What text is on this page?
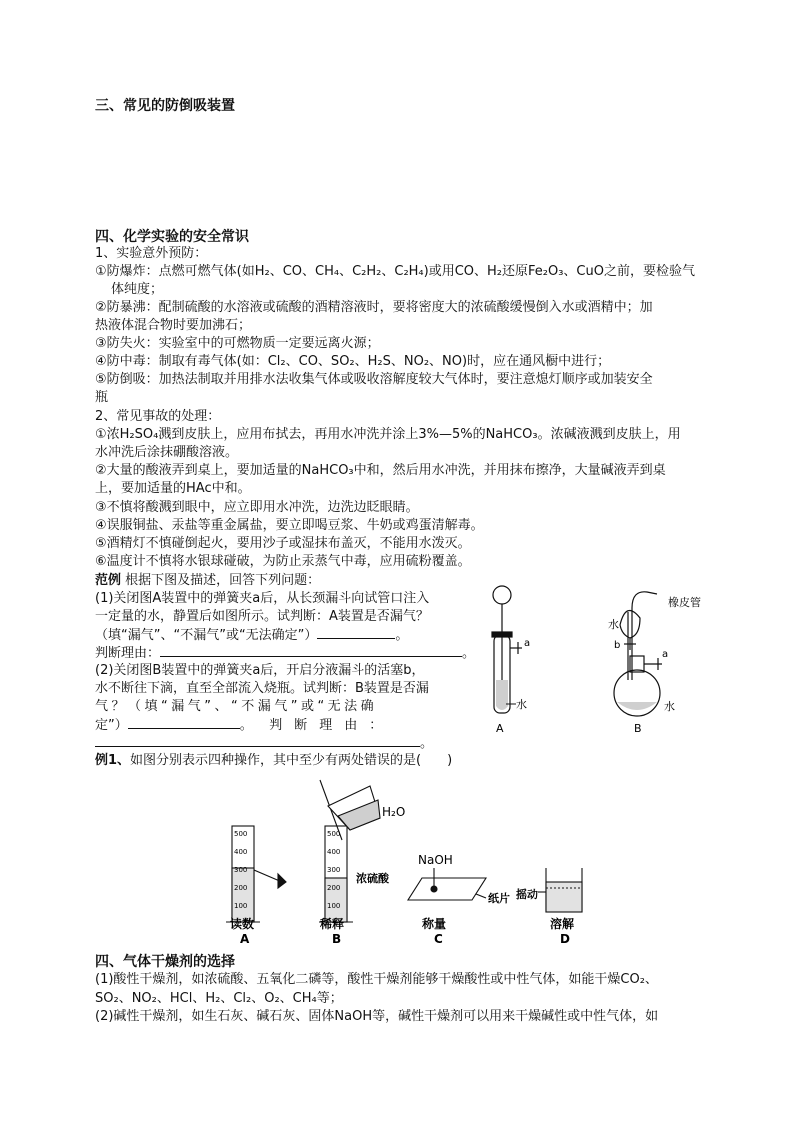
三、常见的防倒吸装置
四、化学实验的安全常识
1、实验意外预防：
①防爆炸：点燃可燃气体(如H₂、CO、CH₄、C₂H₂、C₂H₄)或用CO、H₂还原Fe₂O₃、CuO之前，要检验气
体纯度；
②防暴沸：配制硫酸的水溶液或硫酸的酒精溶液时，要将密度大的浓硫酸缓慢倒入水或酒精中；加
热液体混合物时要加沸石；
③防失火：实验室中的可燃物质一定要远离火源；
④防中毒：制取有毒气体(如：Cl₂、CO、SO₂、H₂S、NO₂、NO)时，应在通风橱中进行；
⑤防倒吸：加热法制取并用排水法收集气体或吸收溶解度较大气体时，要注意熄灯顺序或加装安全
瓶
2、常见事故的处理：
①浓H₂SO₄溅到皮肤上，应用布拭去，再用水冲洗并涂上3%—5%的NaHCO₃。浓碱液溅到皮肤上，用
水冲洗后涂抹硼酸溶液。
②大量的酸液弄到桌上，要加适量的NaHCO₃中和，然后用水冲洗，并用抹布擦净，大量碱液弄到桌
上，要加适量的HAc中和。
③不慎将酸溅到眼中，应立即用水冲洗，边洗边眨眼睛。
④误服铜盐、汞盐等重金属盐，要立即喝豆浆、牛奶或鸡蛋清解毒。
⑤酒精灯不慎碰倒起火，要用沙子或湿抹布盖灭，不能用水泼灭。
⑥温度计不慎将水银球碰破，为防止汞蒸气中毒，应用硫粉覆盖。
范例 根据下图及描述，回答下列问题：
(1)关闭图A装置中的弹簧夹a后，从长颈漏斗向试管口注入
一定量的水，静置后如图所示。试判断：A装置是否漏气？
（填“漏气”、“不漏气”或“无法确定”）	。
判断理由：	。
(2)关闭图B装置中的弹簧夹a后，开启分液漏斗的活塞b，
水不断往下滴，直至全部流入烧瓶。试判断：B装置是否漏
气？（填“漏气”、“不漏气”或“无法确
定”）	。    判断理由：
。
a
水
A
a
b
水
水
橡皮管
B
例1、如图分别表示四种操作，其中至少有两处错误的是(　　)
500
400
300
200
100
读数
A
H₂O
500
400
300
200
100
浓硫酸
稀释
B
NaOH
纸片
称量
C
摇动
溶解
D
四、气体干燥剂的选择
(1)酸性干燥剂，如浓硫酸、五氧化二磷等，酸性干燥剂能够干燥酸性或中性气体，如能干燥CO₂、
SO₂、NO₂、HCl、H₂、Cl₂、O₂、CH₄等；
(2)碱性干燥剂，如生石灰、碱石灰、固体NaOH等，碱性干燥剂可以用来干燥碱性或中性气体，如
